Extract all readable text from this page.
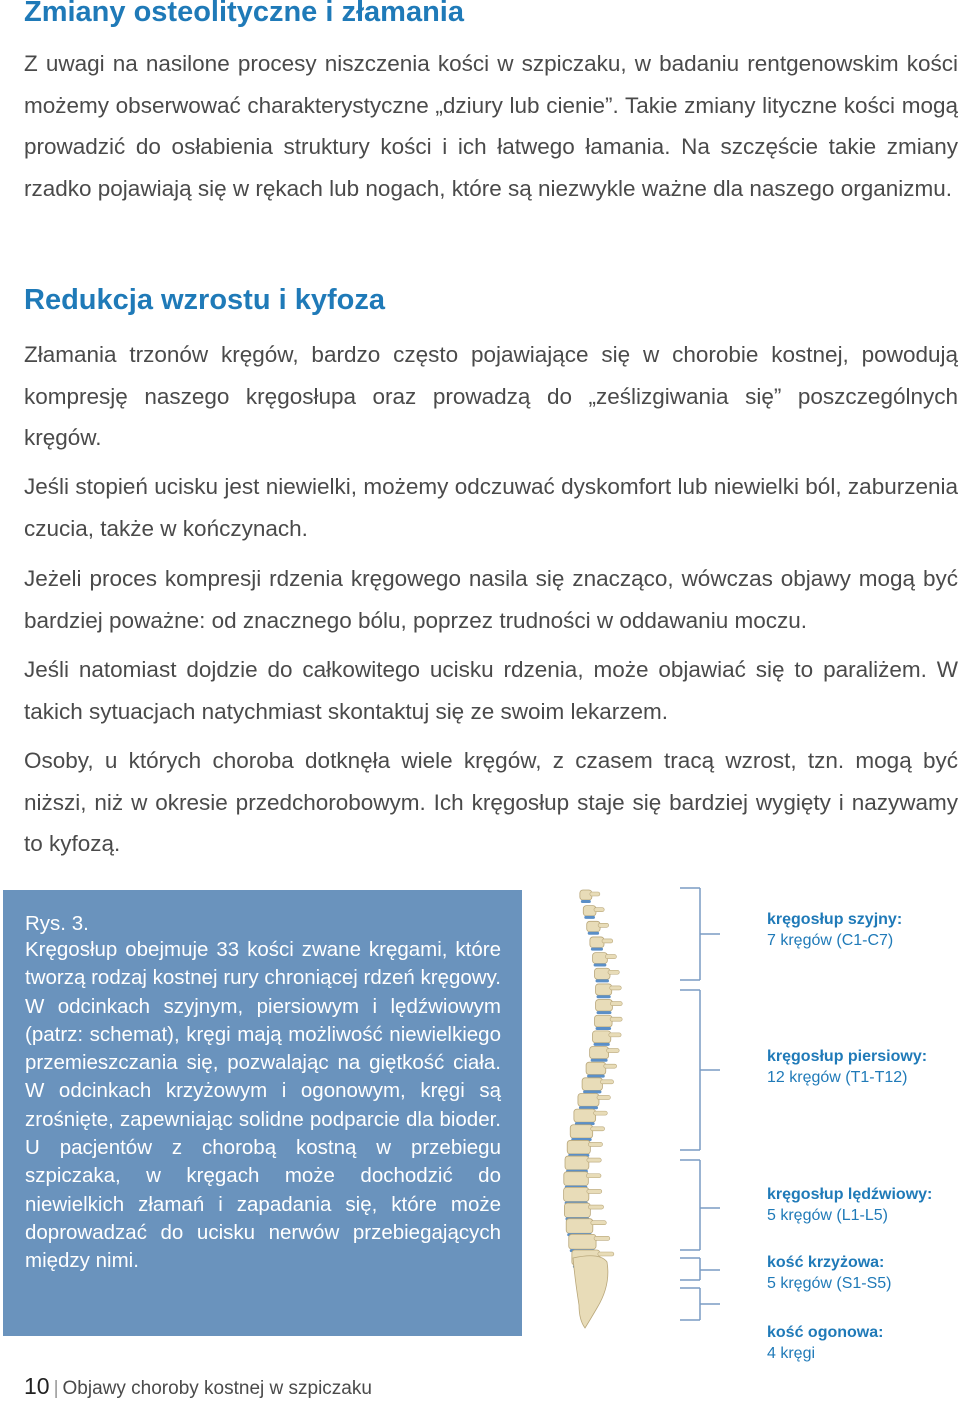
Zmiany osteolityczne i złamania

Z uwagi na nasilone procesy niszczenia kości w szpiczaku, w badaniu rentgenowskim kości możemy obserwować charakterystyczne „dziury lub cienie”. Takie zmiany lityczne kości mogą prowadzić do osłabienia struktury kości i ich łatwego łamania. Na szczęście takie zmiany rzadko pojawiają się w rękach lub nogach, które są niezwykle ważne dla naszego organizmu.

Redukcja wzrostu i kyfoza

Złamania trzonów kręgów, bardzo często pojawiające się w chorobie kostnej, powodują kompresję naszego kręgosłupa oraz prowadzą do „ześlizgiwania się” poszczególnych kręgów.

Jeśli stopień ucisku jest niewielki, możemy odczuwać dyskomfort lub niewielki ból, zaburzenia czucia, także w kończynach.

Jeżeli proces kompresji rdzenia kręgowego nasila się znacząco, wówczas objawy mogą być bardziej poważne: od znacznego bólu, poprzez trudności w oddawaniu moczu.

Jeśli natomiast dojdzie do całkowitego ucisku rdzenia, może objawiać się to paraliżem. W takich sytuacjach natychmiast skontaktuj się ze swoim lekarzem.

Osoby, u których choroba dotknęła wiele kręgów, z czasem tracą wzrost, tzn. mogą być niższi, niż w okresie przedchorobowym. Ich kręgosłup staje się bardziej wygięty i nazywamy to kyfozą.

Rys. 3.

Kręgosłup obejmuje 33 kości zwane kręgami, które tworzą rodzaj kostnej rury chroniącej rdzeń kręgowy. W odcinkach szyjnym, piersiowym i lędźwiowym (patrz: schemat), kręgi mają możliwość niewielkiego przemieszczania się, pozwalając na giętkość ciała. W odcinkach krzyżowym i ogonowym, kręgi są zrośnięte, zapewniając solidne podparcie dla bioder. U pacjentów z chorobą kostną w przebiegu szpiczaka, w kręgach może dochodzić do niewielkich złamań i zapadania się, które może doprowadzać do ucisku nerwów przebiegających między nimi.

kręgosłup szyjny:
7 kręgów (C1-C7)
kręgosłup piersiowy:
12 kręgów (T1-T12)
kręgosłup lędźwiowy:
5 kręgów (L1-L5)
kość krzyżowa:
5 kręgów (S1-S5)
kość ogonowa:
4 kręgi
10 | Objawy choroby kostnej w szpiczaku
